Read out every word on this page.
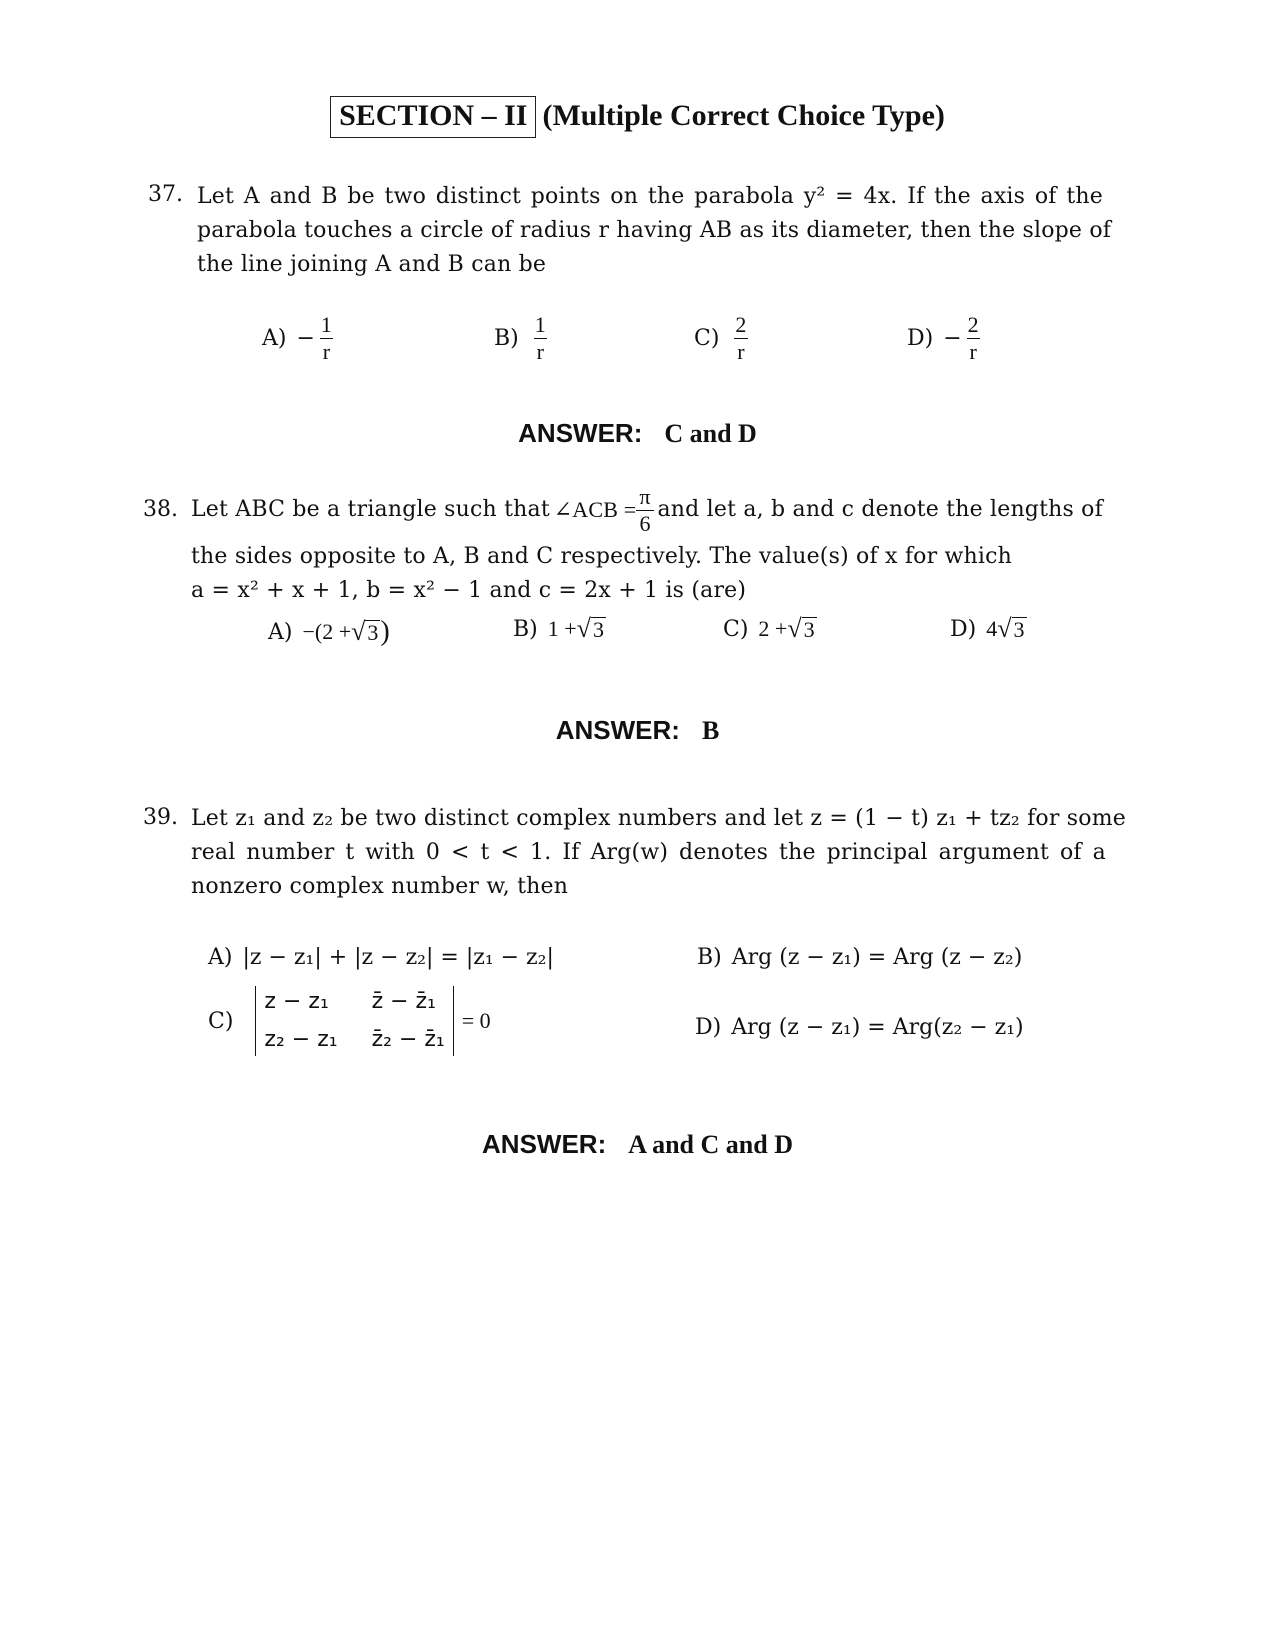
SECTION – II (Multiple Correct Choice Type)
37. Let A and B be two distinct points on the parabola y² = 4x. If the axis of the
parabola touches a circle of radius r having AB as its diameter, then the slope of
the line joining A and B can be
$A) - \frac{1}{r}$	$B) \frac{1}{r}$	$C) \frac{2}{r}$	$D) - \frac{2}{r}$
ANSWER: C and D
38. Let ABC be a triangle such that ∠ACB = $\frac{\pi}{6}$ and let a, b and c denote the lengths of
the sides opposite to A, B and C respectively. The value(s) of x for which
a = x² + x + 1, b = x² − 1 and c = 2x + 1 is (are)
A) −(2 + √ 3 )	B) 1 + √ 3	C) 2 + √ 3	D) 4 √ 3
ANSWER: B
39. Let z₁ and z₂ be two distinct complex numbers and let z = (1 − t) z₁ + tz₂ for some
real number t with 0 < t < 1. If Arg(w) denotes the principal argument of a
nonzero complex number w, then
A) |z − z₁| + |z − z₂| = |z₁ − z₂|	B) Arg (z − z₁) = Arg (z − z₂)
C)
z − z₁	z̄ − z̄₁
z₂ − z₁ z̄₂ − z̄₁
= 0	D) Arg (z − z₁) = Arg(z₂ − z₁)
ANSWER: A and C and D
